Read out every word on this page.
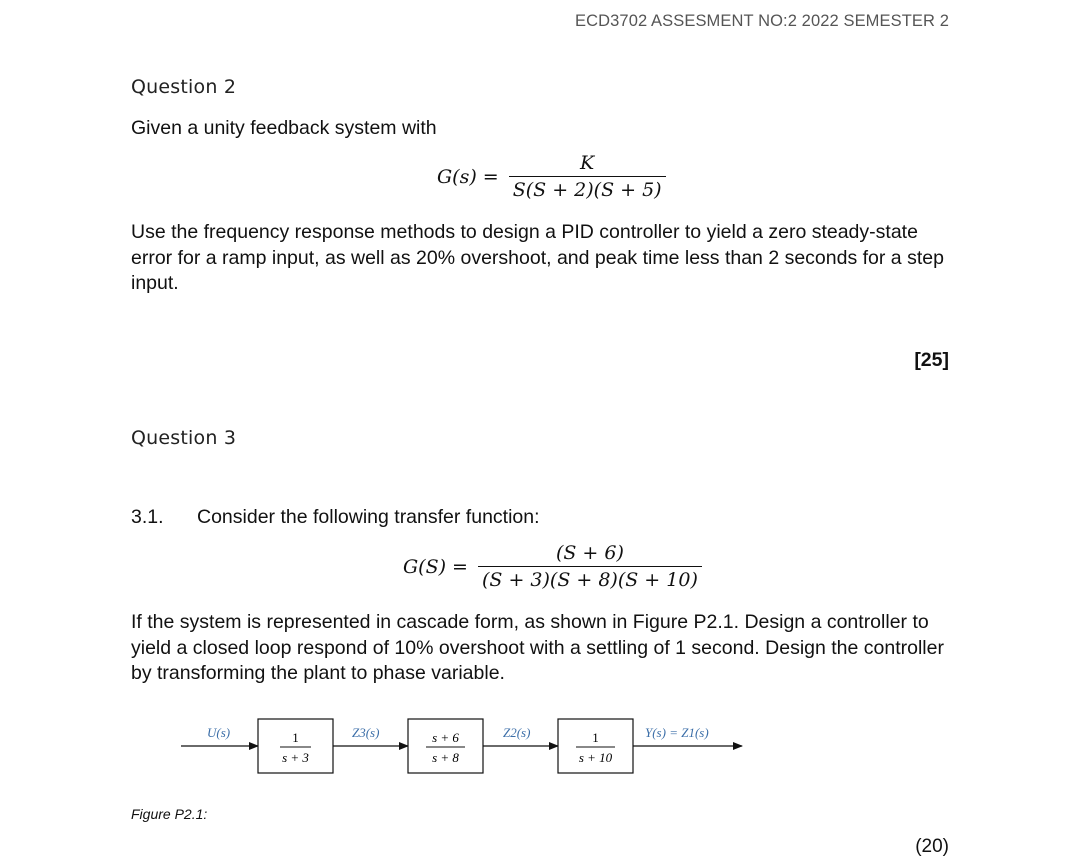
ECD3702 ASSESMENT NO:2 2022 SEMESTER 2
Question 2
Given a unity feedback system with
$G(s) = \frac{K}{S(S + 2)(S + 5)}$
Use the frequency response methods to design a PID controller to yield a zero steady-state error for a ramp input, as well as 20% overshoot, and peak time less than 2 seconds for a step input.
[25]
Question 3
3.1. Consider the following transfer function:
$G(S) = \frac{(S + 6)}{(S + 3)(S + 8)(S + 10)}$
If the system is represented in cascade form, as shown in Figure P2.1. Design a controller to yield a closed loop respond of 10% overshoot with a settling of 1 second. Design the controller by transforming the plant to phase variable.
U(s)	1
s + 3
Z3(s)	s + 6
s + 8
Z2(s)	1
s + 10
Y(s) = Z1(s)
Figure P2.1:
(20)
